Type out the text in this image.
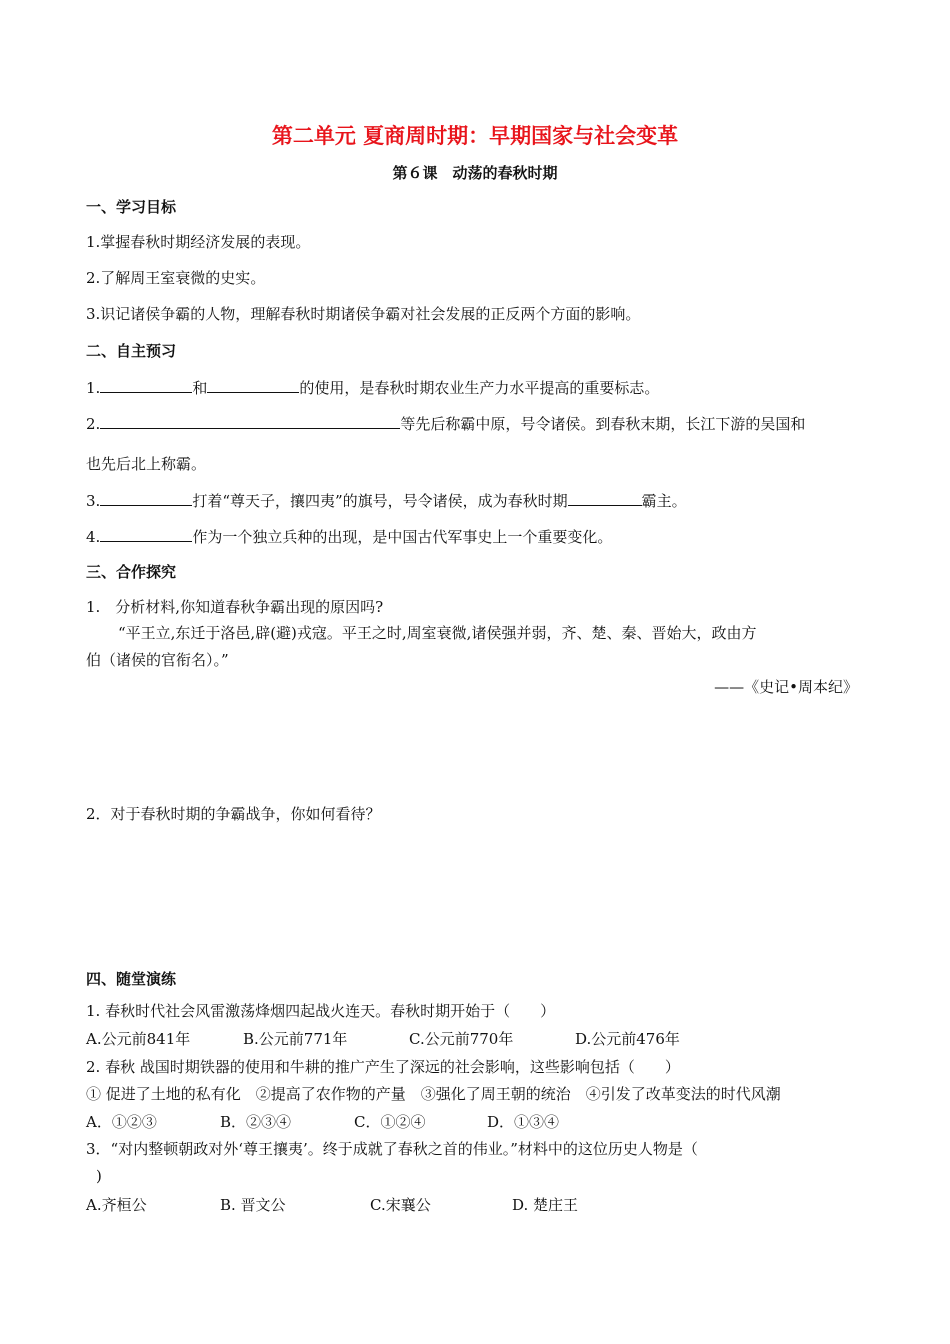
第二单元 夏商周时期：早期国家与社会变革
第６课　动荡的春秋时期
一、学习目标
1.掌握春秋时期经济发展的表现。
2.了解周王室衰微的史实。
3.识记诸侯争霸的人物，理解春秋时期诸侯争霸对社会发展的正反两个方面的影响。
二、自主预习
1.	和	的使用，是春秋时期农业生产力水平提高的重要标志。
2.	等先后称霸中原，号令诸侯。到春秋末期，长江下游的吴国和
也先后北上称霸。
3.	打着“尊天子，攘四夷”的旗号，号令诸侯，成为春秋时期	霸主。
4.	作为一个独立兵种的出现，是中国古代军事史上一个重要变化。
三、合作探究
1.　分析材料,你知道春秋争霸出现的原因吗?
“平王立,东迁于洛邑,辟(避)戎寇。平王之时,周室衰微,诸侯强并弱，齐、楚、秦、晋始大，政由方
伯（诸侯的官衔名）。”
——《史记•周本纪》
2．对于春秋时期的争霸战争，你如何看待？
四、随堂演练
1. 春秋时代社会风雷激荡烽烟四起战火连天。春秋时期开始于（　　）
A.公元前841年	B.公元前771年	C.公元前770年	D.公元前476年
2. 春秋 战国时期铁器的使用和牛耕的推广产生了深远的社会影响，这些影响包括（　　）
① 促进了土地的私有化　②提高了农作物的产量　③强化了周王朝的统治　④引发了改革变法的时代风潮
A．①②③	B．②③④	C．①②④	D．①③④
3．“对内整顿朝政对外‘尊王攘夷’。终于成就了春秋之首的伟业。”材料中的这位历史人物是（
)
A.齐桓公	B. 晋文公	C.宋襄公	D. 楚庄王
